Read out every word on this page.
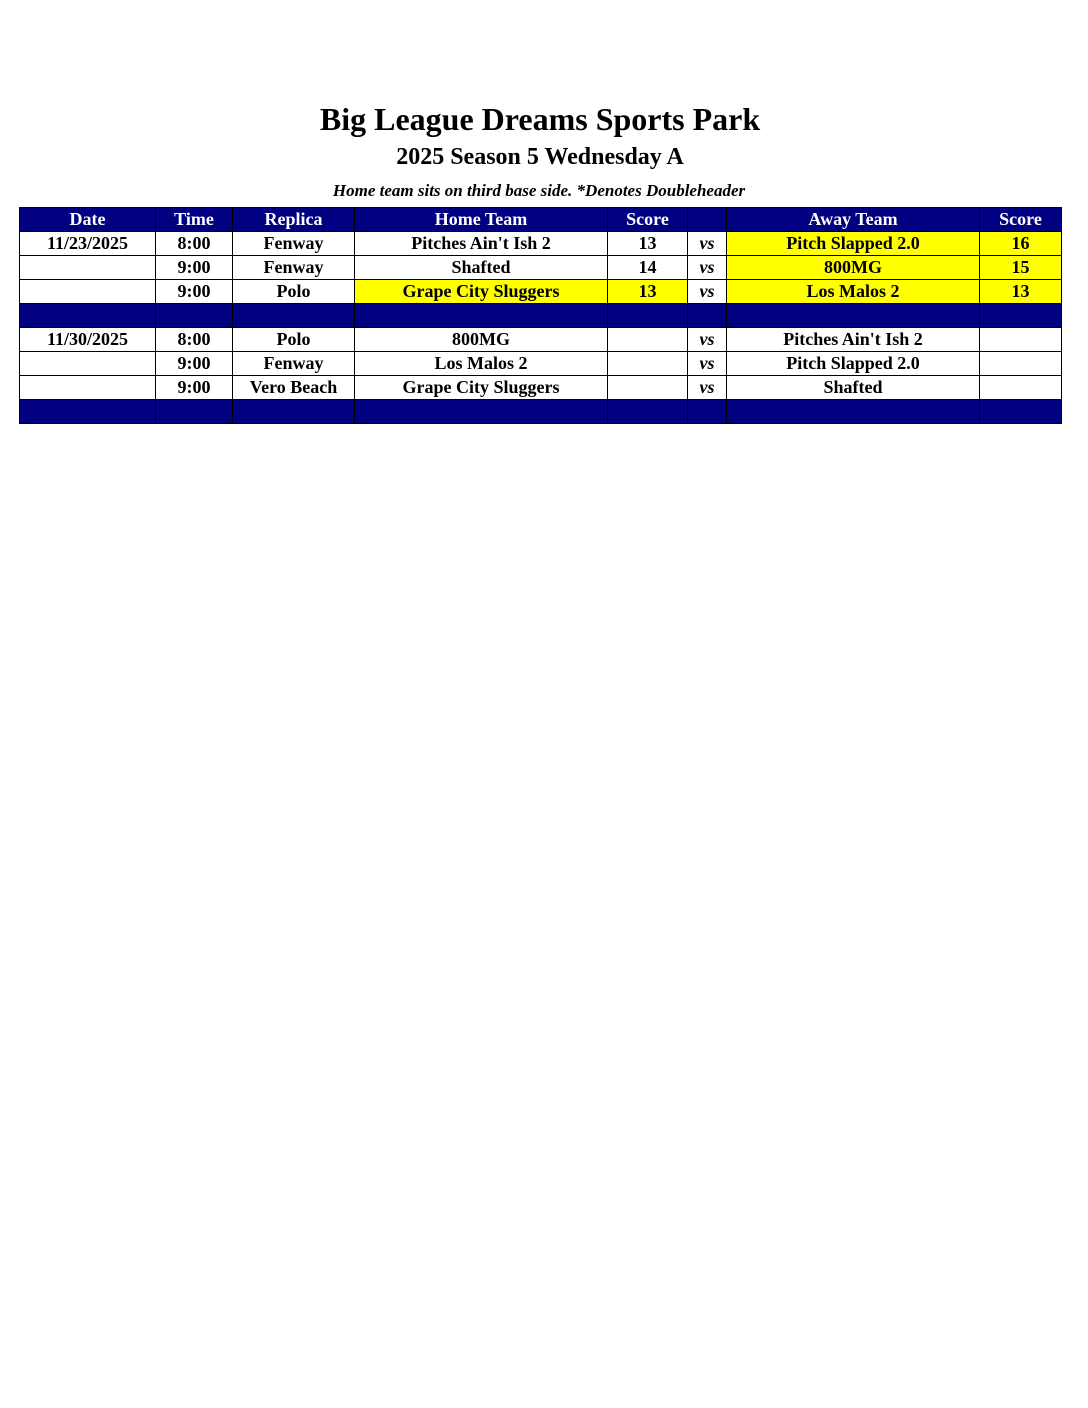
Big League Dreams Sports Park
2025 Season 5 Wednesday A
Home team sits on third base side. *Denotes Doubleheader
Date	Time	Replica	Home Team	Score		Away Team	Score
11/23/2025	8:00	Fenway	Pitches Ain't Ish 2	13	vs	Pitch Slapped 2.0	16
	9:00	Fenway	Shafted	14	vs	800MG	15
	9:00	Polo	Grape City Sluggers	13	vs	Los Malos 2	13

11/30/2025	8:00	Polo	800MG		vs	Pitches Ain't Ish 2	
	9:00	Fenway	Los Malos 2		vs	Pitch Slapped 2.0	
	9:00	Vero Beach	Grape City Sluggers		vs	Shafted	
